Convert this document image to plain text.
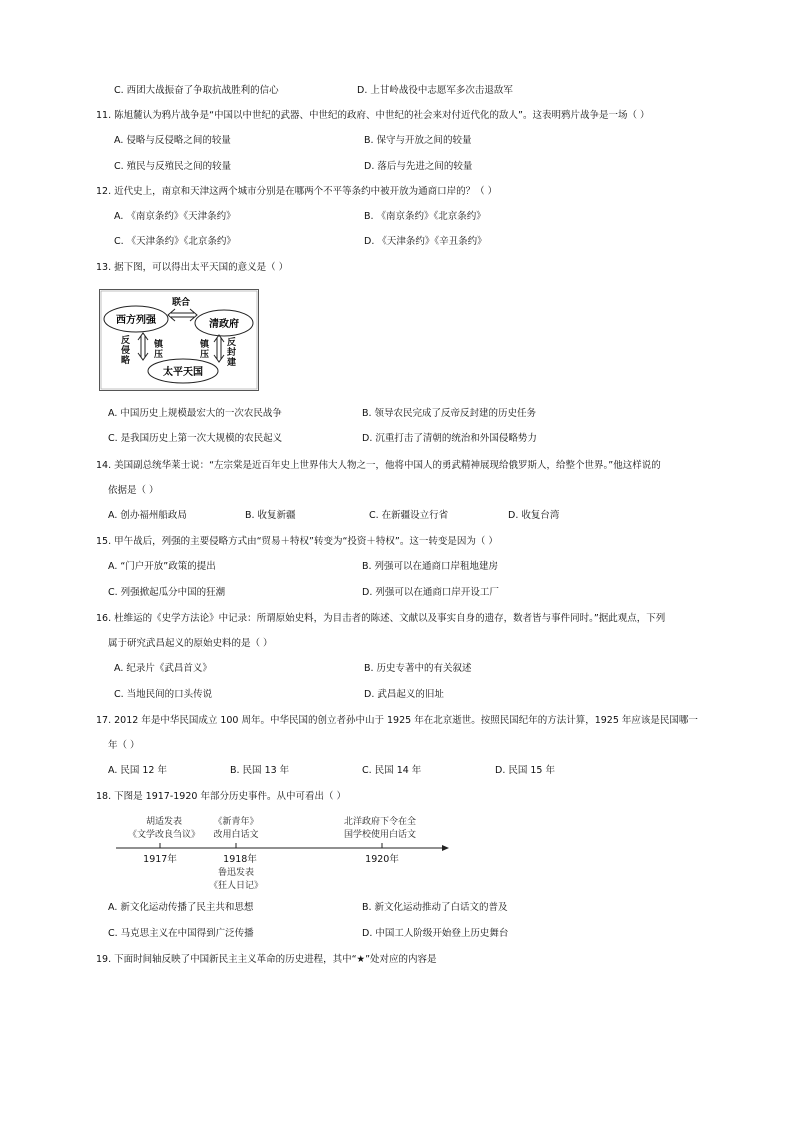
C. 西团大战振奋了争取抗战胜利的信心	D. 上甘岭战役中志愿军多次击退敌军
11. 陈旭麓认为鸦片战争是“中国以中世纪的武器、中世纪的政府、中世纪的社会来对付近代化的敌人”。这表明鸦片战争是一场（ ）
A. 侵略与反侵略之间的较量	B. 保守与开放之间的较量
C. 殖民与反殖民之间的较量	D. 落后与先进之间的较量
12. 近代史上，南京和天津这两个城市分别是在哪两个不平等条约中被开放为通商口岸的？（ ）
A. 《南京条约》《天津条约》	B. 《南京条约》《北京条约》
C. 《天津条约》《北京条约》	D. 《天津条约》《辛丑条约》
13. 据下图，可以得出太平天国的意义是（ ）
西方列强	清政府
太平天国
联合
反侵略
镇压
镇压
反封建
A. 中国历史上规模最宏大的一次农民战争	B. 领导农民完成了反帝反封建的历史任务
C. 是我国历史上第一次大规模的农民起义	D. 沉重打击了清朝的统治和外国侵略势力
14. 美国副总统华莱士说：“左宗棠是近百年史上世界伟大人物之一，他将中国人的勇武精神展现给俄罗斯人，给整个世界。”他这样说的
依据是（ ）
A. 创办福州船政局	B. 收复新疆	C. 在新疆设立行省	D. 收复台湾
15. 甲午战后，列强的主要侵略方式由“贸易＋特权”转变为“投资＋特权”。这一转变是因为（ ）
A. “门户开放”政策的提出	B. 列强可以在通商口岸租地建房
C. 列强掀起瓜分中国的狂潮	D. 列强可以在通商口岸开设工厂
16. 杜维运的《史学方法论》中记录：所谓原始史料，为目击者的陈述、文献以及事实自身的遗存，数者皆与事件同时。”据此观点，下列
属于研究武昌起义的原始史料的是（ ）
A. 纪录片《武昌首义》	B. 历史专著中的有关叙述
C. 当地民间的口头传说	D. 武昌起义的旧址
17. 2012 年是中华民国成立 100 周年。中华民国的创立者孙中山于 1925 年在北京逝世。按照民国纪年的方法计算，1925 年应该是民国哪一
年（ ）
A. 民国 12 年	B. 民国 13 年	C. 民国 14 年	D. 民国 15 年
18. 下图是 1917-1920 年部分历史事件。从中可看出（ ）
胡适发表
《文学改良刍议》
《新青年》
改用白话文
北洋政府下令在全
国学校使用白话文
1917年	1918年	1920年
鲁迅发表
《狂人日记》
A. 新文化运动传播了民主共和思想	B. 新文化运动推动了白话文的普及
C. 马克思主义在中国得到广泛传播	D. 中国工人阶级开始登上历史舞台
19. 下面时间轴反映了中国新民主主义革命的历史进程，其中“★”处对应的内容是
